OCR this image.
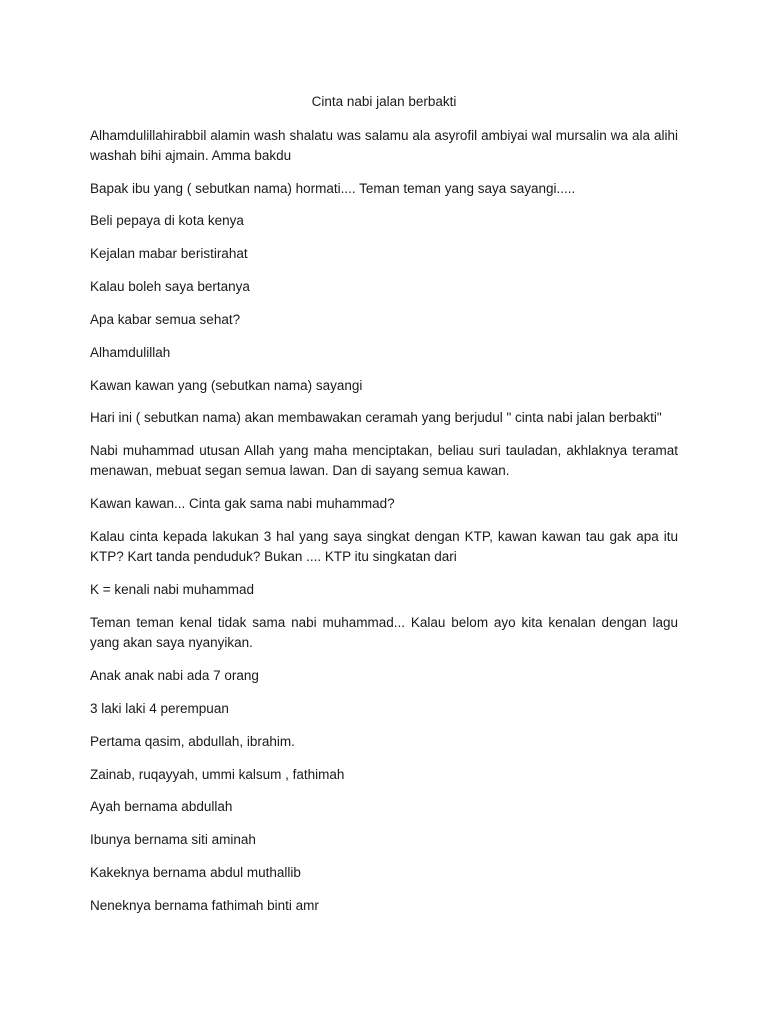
Cinta nabi jalan berbakti

Alhamdulillahirabbil alamin wash shalatu was salamu ala asyrofil ambiyai wal mursalin wa ala alihi washah bihi ajmain. Amma bakdu

Bapak ibu yang ( sebutkan nama) hormati.... Teman teman yang saya sayangi.....

Beli pepaya di kota kenya

Kejalan mabar beristirahat

Kalau boleh saya bertanya

Apa kabar semua sehat?

Alhamdulillah

Kawan kawan yang (sebutkan nama) sayangi

Hari ini ( sebutkan nama) akan membawakan ceramah yang berjudul " cinta nabi jalan berbakti"

Nabi muhammad utusan Allah yang maha menciptakan, beliau suri tauladan, akhlaknya teramat menawan, mebuat segan semua lawan. Dan di sayang semua kawan.

Kawan kawan... Cinta gak sama nabi muhammad?

Kalau cinta kepada lakukan 3 hal yang saya singkat dengan KTP, kawan kawan tau gak apa itu KTP? Kart tanda penduduk? Bukan .... KTP itu singkatan dari

K = kenali nabi muhammad

Teman teman kenal tidak sama nabi muhammad... Kalau belom ayo kita kenalan dengan lagu yang akan saya nyanyikan.

Anak anak nabi ada 7 orang

3 laki laki 4 perempuan

Pertama qasim, abdullah, ibrahim.

Zainab, ruqayyah, ummi kalsum , fathimah

Ayah bernama abdullah

Ibunya bernama siti aminah

Kakeknya bernama abdul muthallib

Neneknya bernama fathimah binti amr
